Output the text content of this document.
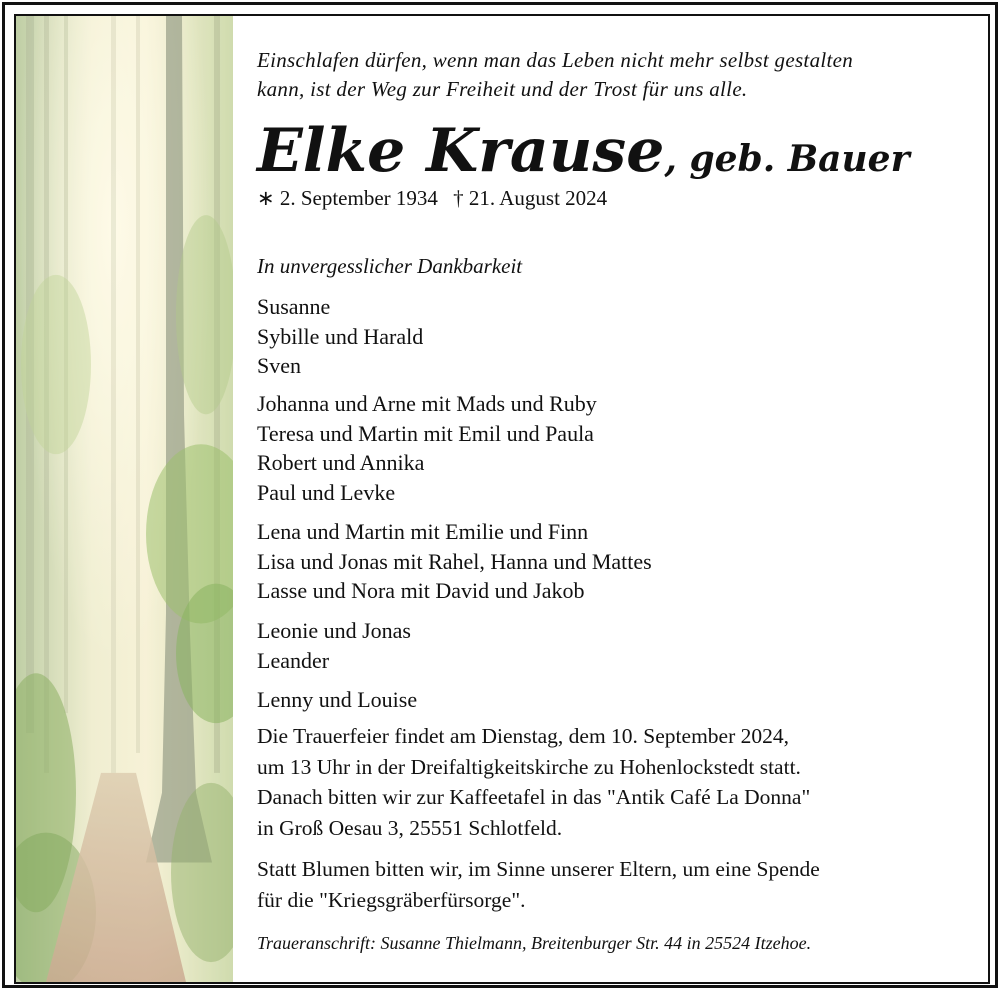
Einschlafen dürfen, wenn man das Leben nicht mehr selbst gestalten
kann, ist der Weg zur Freiheit und der Trost für uns alle.
Elke Krause, geb. Bauer
∗ 2. September 1934 † 21. August 2024
In unvergesslicher Dankbarkeit
Susanne
Sybille und Harald
Sven
Johanna und Arne mit Mads und Ruby
Teresa und Martin mit Emil und Paula
Robert und Annika
Paul und Levke
Lena und Martin mit Emilie und Finn
Lisa und Jonas mit Rahel, Hanna und Mattes
Lasse und Nora mit David und Jakob
Leonie und Jonas
Leander
Lenny und Louise
Die Trauerfeier findet am Dienstag, dem 10. September 2024,
um 13 Uhr in der Dreifaltigkeitskirche zu Hohenlockstedt statt.
Danach bitten wir zur Kaffeetafel in das "Antik Café La Donna"
in Groß Oesau 3, 25551 Schlotfeld.
Statt Blumen bitten wir, im Sinne unserer Eltern, um eine Spende
für die "Kriegsgräberfürsorge".
Traueranschrift: Susanne Thielmann, Breitenburger Str. 44 in 25524 Itzehoe.
